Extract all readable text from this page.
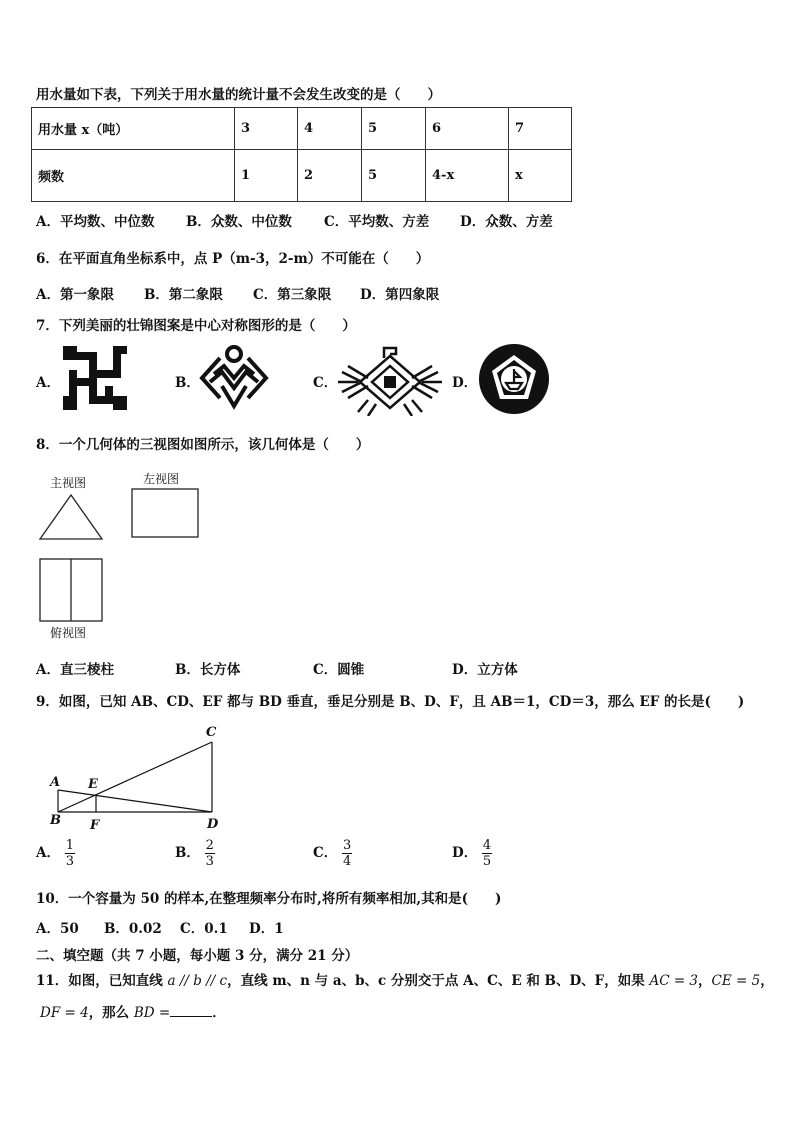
用水量如下表，下列关于用水量的统计量不会发生改变的是（　　）
用水量 x（吨）	3	4	5	6	7
频数	1	2	5	4-x	x
A．平均数、中位数 B．众数、中位数 C．平均数、方差 D．众数、方差
6．在平面直角坐标系中，点 P（m-3，2-m）不可能在（　　）
A．第一象限 B．第二象限 C．第三象限 D．第四象限
7．下列美丽的壮锦图案是中心对称图形的是（　　）
A．	B．	C．	D．
8．一个几何体的三视图如图所示，该几何体是（　　）
主视图	左视图
俯视图
A．直三棱柱	B．长方体	C．圆锥	D．立方体
9．如图，已知 AB、CD、EF 都与 BD 垂直，垂足分别是 B、D、F，且 AB＝1，CD＝3，那么 EF 的长是(　　)
A
B
C
D
E
F
A． $\frac{1}{3}$	B． $\frac{2}{3}$	C． $\frac{3}{4}$	D． $\frac{4}{5}$
10．一个容量为 50 的样本,在整理频率分布时,将所有频率相加,其和是(　　)
A．50 B．0.02 C．0.1 D．1
二、填空题（共 7 小题，每小题 3 分，满分 21 分）
11．如图，已知直线 a // b // c，直线 m、n 与 a、b、c 分别交于点 A、C、E 和 B、D、F，如果 AC = 3，CE = 5，
DF = 4，那么 BD =	．
